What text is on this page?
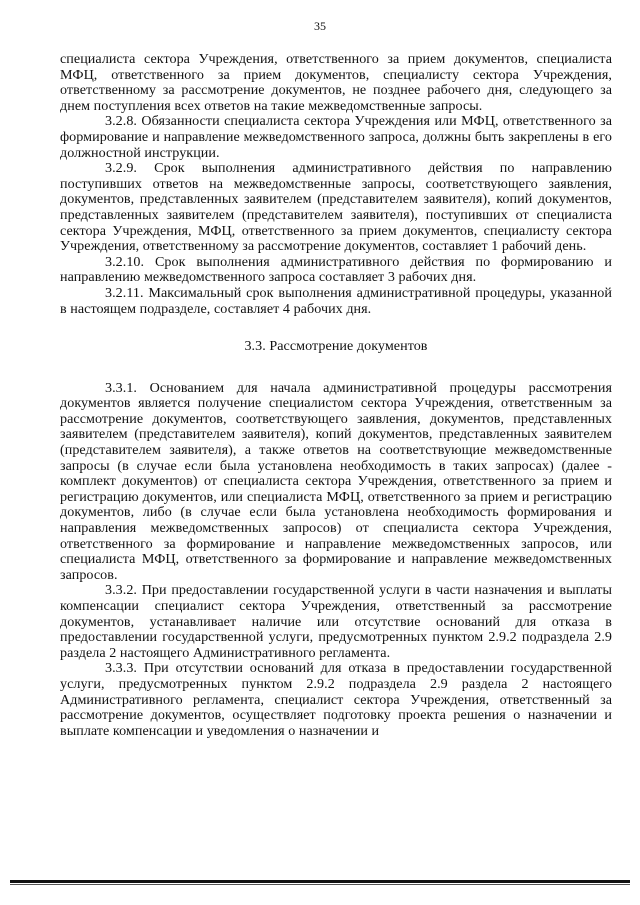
35

специалиста сектора Учреждения, ответственного за прием документов, специалиста МФЦ, ответственного за прием документов, специалисту сектора Учреждения, ответственному за рассмотрение документов, не позднее рабочего дня, следующего за днем поступления всех ответов на такие межведомственные запросы.

3.2.8. Обязанности специалиста сектора Учреждения или МФЦ, ответственного за формирование и направление межведомственного запроса, должны быть закреплены в его должностной инструкции.

3.2.9. Срок выполнения административного действия по направлению поступивших ответов на межведомственные запросы, соответствующего заявления, документов, представленных заявителем (представителем заявителя), копий документов, представленных заявителем (представителем заявителя), поступивших от специалиста сектора Учреждения, МФЦ, ответственного за прием документов, специалисту сектора Учреждения, ответственному за рассмотрение документов, составляет 1 рабочий день.

3.2.10. Срок выполнения административного действия по формированию и направлению межведомственного запроса составляет 3 рабочих дня.

3.2.11. Максимальный срок выполнения административной процедуры, указанной в настоящем подразделе, составляет 4 рабочих дня.

3.3. Рассмотрение документов

3.3.1. Основанием для начала административной процедуры рассмотрения документов является получение специалистом сектора Учреждения, ответственным за рассмотрение документов, соответствующего заявления, документов, представленных заявителем (представителем заявителя), копий документов, представленных заявителем (представителем заявителя), а также ответов на соответствующие межведомственные запросы (в случае если была установлена необходимость в таких запросах) (далее - комплект документов) от специалиста сектора Учреждения, ответственного за прием и регистрацию документов, или специалиста МФЦ, ответственного за прием и регистрацию документов, либо (в случае если была установлена необходимость формирования и направления межведомственных запросов) от специалиста сектора Учреждения, ответственного за формирование и направление межведомственных запросов, или специалиста МФЦ, ответственного за формирование и направление межведомственных запросов.

3.3.2. При предоставлении государственной услуги в части назначения и выплаты компенсации специалист сектора Учреждения, ответственный за рассмотрение документов, устанавливает наличие или отсутствие оснований для отказа в предоставлении государственной услуги, предусмотренных пунктом 2.9.2 подраздела 2.9 раздела 2 настоящего Административного регламента.

3.3.3. При отсутствии оснований для отказа в предоставлении государственной услуги, предусмотренных пунктом 2.9.2 подраздела 2.9 раздела 2 настоящего Административного регламента, специалист сектора Учреждения, ответственный за рассмотрение документов, осуществляет подготовку проекта решения о назначении и выплате компенсации и уведомления о назначении и
